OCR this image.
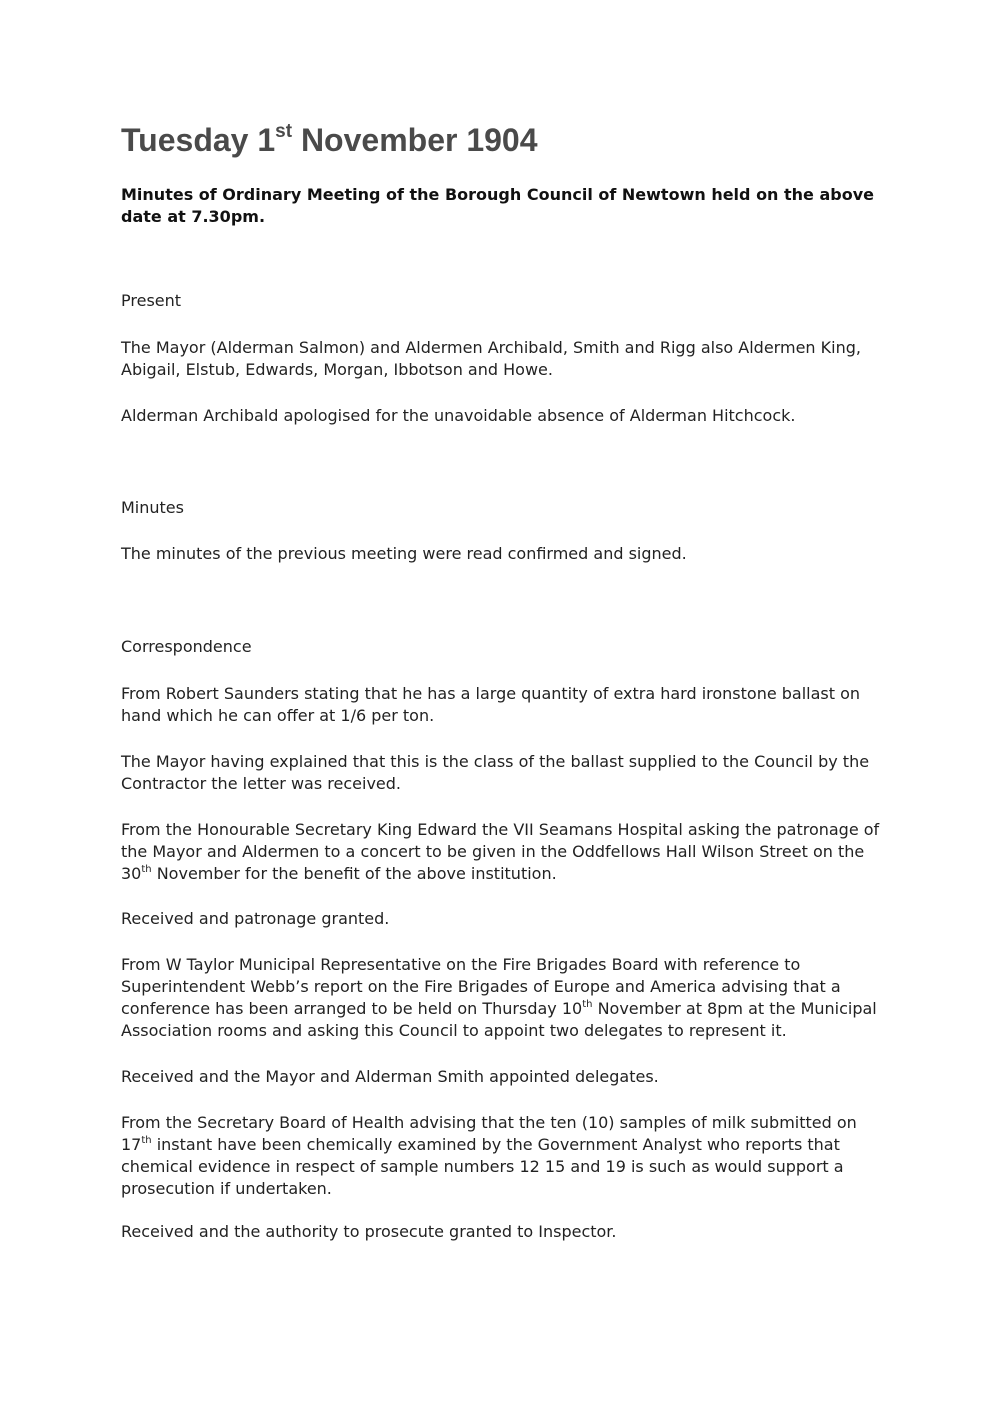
Tuesday 1st November 1904

Minutes of Ordinary Meeting of the Borough Council of Newtown held on the above date at 7.30pm.

Present

The Mayor (Alderman Salmon) and Aldermen Archibald, Smith and Rigg also Aldermen King, Abigail, Elstub, Edwards, Morgan, Ibbotson and Howe.

Alderman Archibald apologised for the unavoidable absence of Alderman Hitchcock.

Minutes

The minutes of the previous meeting were read confirmed and signed.

Correspondence

From Robert Saunders stating that he has a large quantity of extra hard ironstone ballast on hand which he can offer at 1/6 per ton.

The Mayor having explained that this is the class of the ballast supplied to the Council by the Contractor the letter was received.

From the Honourable Secretary King Edward the VII Seamans Hospital asking the patronage of the Mayor and Aldermen to a concert to be given in the Oddfellows Hall Wilson Street on the 30th November for the benefit of the above institution.

Received and patronage granted.

From W Taylor Municipal Representative on the Fire Brigades Board with reference to Superintendent Webb’s report on the Fire Brigades of Europe and America advising that a conference has been arranged to be held on Thursday 10th November at 8pm at the Municipal Association rooms and asking this Council to appoint two delegates to represent it.

Received and the Mayor and Alderman Smith appointed delegates.

From the Secretary Board of Health advising that the ten (10) samples of milk submitted on 17th instant have been chemically examined by the Government Analyst who reports that chemical evidence in respect of sample numbers 12 15 and 19 is such as would support a prosecution if undertaken.

Received and the authority to prosecute granted to Inspector.
